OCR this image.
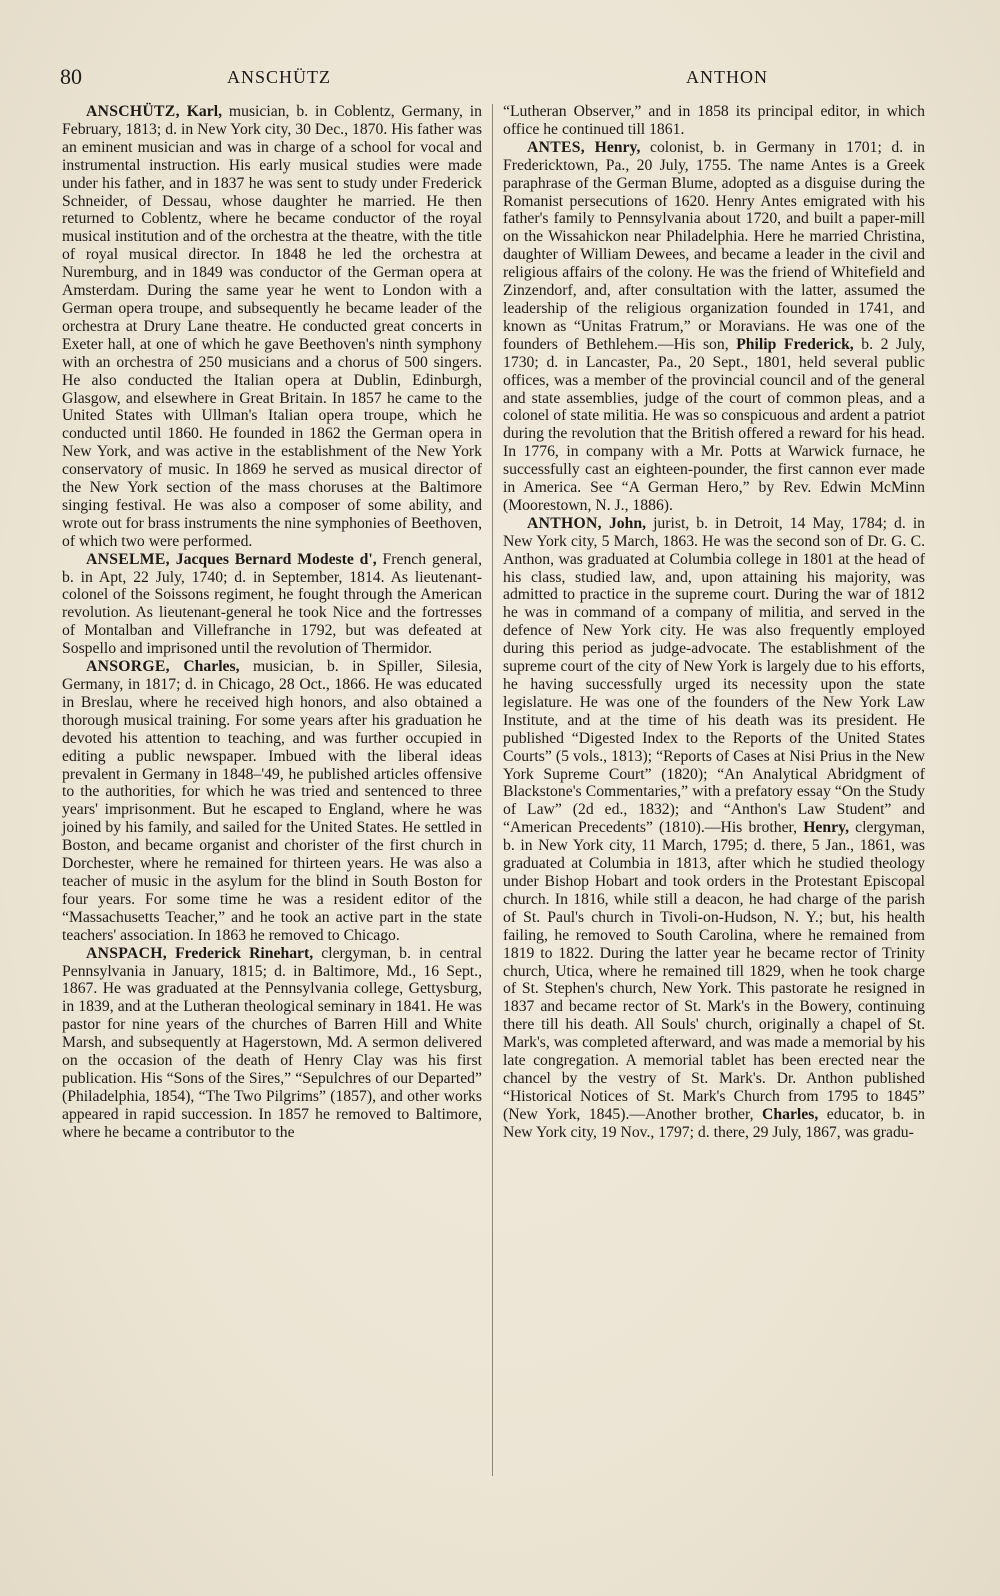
80	ANSCHÜTZ	ANTHON

ANSCHÜTZ, Karl, musician, b. in Coblentz, Germany, in February, 1813; d. in New York city, 30 Dec., 1870. His father was an eminent musician and was in charge of a school for vocal and instrumental instruction. His early musical studies were made under his father, and in 1837 he was sent to study under Frederick Schneider, of Dessau, whose daughter he married. He then returned to Coblentz, where he became conductor of the royal musical institution and of the orchestra at the theatre, with the title of royal musical director. In 1848 he led the orchestra at Nuremburg, and in 1849 was conductor of the German opera at Amsterdam. During the same year he went to London with a German opera troupe, and subsequently he became leader of the orchestra at Drury Lane theatre. He conducted great concerts in Exeter hall, at one of which he gave Beethoven's ninth symphony with an orchestra of 250 musicians and a chorus of 500 singers. He also conducted the Italian opera at Dublin, Edinburgh, Glasgow, and elsewhere in Great Britain. In 1857 he came to the United States with Ullman's Italian opera troupe, which he conducted until 1860. He founded in 1862 the German opera in New York, and was active in the establishment of the New York conservatory of music. In 1869 he served as musical director of the New York section of the mass choruses at the Baltimore singing festival. He was also a composer of some ability, and wrote out for brass instruments the nine symphonies of Beethoven, of which two were performed.

ANSELME, Jacques Bernard Modeste d', French general, b. in Apt, 22 July, 1740; d. in September, 1814. As lieutenant-colonel of the Soissons regiment, he fought through the American revolution. As lieutenant-general he took Nice and the fortresses of Montalban and Villefranche in 1792, but was defeated at Sospello and imprisoned until the revolution of Thermidor.

ANSORGE, Charles, musician, b. in Spiller, Silesia, Germany, in 1817; d. in Chicago, 28 Oct., 1866. He was educated in Breslau, where he received high honors, and also obtained a thorough musical training. For some years after his graduation he devoted his attention to teaching, and was further occupied in editing a public newspaper. Imbued with the liberal ideas prevalent in Germany in 1848–'49, he published articles offensive to the authorities, for which he was tried and sentenced to three years' imprisonment. But he escaped to England, where he was joined by his family, and sailed for the United States. He settled in Boston, and became organist and chorister of the first church in Dorchester, where he remained for thirteen years. He was also a teacher of music in the asylum for the blind in South Boston for four years. For some time he was a resident editor of the “Massachusetts Teacher,” and he took an active part in the state teachers' association. In 1863 he removed to Chicago.

ANSPACH, Frederick Rinehart, clergyman, b. in central Pennsylvania in January, 1815; d. in Baltimore, Md., 16 Sept., 1867. He was graduated at the Pennsylvania college, Gettysburg, in 1839, and at the Lutheran theological seminary in 1841. He was pastor for nine years of the churches of Barren Hill and White Marsh, and subsequently at Hagerstown, Md. A sermon delivered on the occasion of the death of Henry Clay was his first publication. His “Sons of the Sires,” “Sepulchres of our Departed” (Philadelphia, 1854), “The Two Pilgrims” (1857), and other works appeared in rapid succession. In 1857 he removed to Baltimore, where he became a contributor to the

“Lutheran Observer,” and in 1858 its principal editor, in which office he continued till 1861.

ANTES, Henry, colonist, b. in Germany in 1701; d. in Fredericktown, Pa., 20 July, 1755. The name Antes is a Greek paraphrase of the German Blume, adopted as a disguise during the Romanist persecutions of 1620. Henry Antes emigrated with his father's family to Pennsylvania about 1720, and built a paper-mill on the Wissahickon near Philadelphia. Here he married Christina, daughter of William Dewees, and became a leader in the civil and religious affairs of the colony. He was the friend of Whitefield and Zinzendorf, and, after consultation with the latter, assumed the leadership of the religious organization founded in 1741, and known as “Unitas Fratrum,” or Moravians. He was one of the founders of Bethlehem.—His son, Philip Frederick, b. 2 July, 1730; d. in Lancaster, Pa., 20 Sept., 1801, held several public offices, was a member of the provincial council and of the general and state assemblies, judge of the court of common pleas, and a colonel of state militia. He was so conspicuous and ardent a patriot during the revolution that the British offered a reward for his head. In 1776, in company with a Mr. Potts at Warwick furnace, he successfully cast an eighteen-pounder, the first cannon ever made in America. See “A German Hero,” by Rev. Edwin McMinn (Moorestown, N. J., 1886).

ANTHON, John, jurist, b. in Detroit, 14 May, 1784; d. in New York city, 5 March, 1863. He was the second son of Dr. G. C. Anthon, was graduated at Columbia college in 1801 at the head of his class, studied law, and, upon attaining his majority, was admitted to practice in the supreme court. During the war of 1812 he was in command of a company of militia, and served in the defence of New York city. He was also frequently employed during this period as judge-advocate. The establishment of the supreme court of the city of New York is largely due to his efforts, he having successfully urged its necessity upon the state legislature. He was one of the founders of the New York Law Institute, and at the time of his death was its president. He published “Digested Index to the Reports of the United States Courts” (5 vols., 1813); “Reports of Cases at Nisi Prius in the New York Supreme Court” (1820); “An Analytical Abridgment of Blackstone's Commentaries,” with a prefatory essay “On the Study of Law” (2d ed., 1832); and “Anthon's Law Student” and “American Precedents” (1810).—His brother, Henry, clergyman, b. in New York city, 11 March, 1795; d. there, 5 Jan., 1861, was graduated at Columbia in 1813, after which he studied theology under Bishop Hobart and took orders in the Protestant Episcopal church. In 1816, while still a deacon, he had charge of the parish of St. Paul's church in Tivoli-on-Hudson, N. Y.; but, his health failing, he removed to South Carolina, where he remained from 1819 to 1822. During the latter year he became rector of Trinity church, Utica, where he remained till 1829, when he took charge of St. Stephen's church, New York. This pastorate he resigned in 1837 and became rector of St. Mark's in the Bowery, continuing there till his death. All Souls' church, originally a chapel of St. Mark's, was completed afterward, and was made a memorial by his late congregation. A memorial tablet has been erected near the chancel by the vestry of St. Mark's. Dr. Anthon published “Historical Notices of St. Mark's Church from 1795 to 1845” (New York, 1845).—Another brother, Charles, educator, b. in New York city, 19 Nov., 1797; d. there, 29 July, 1867, was gradu-
